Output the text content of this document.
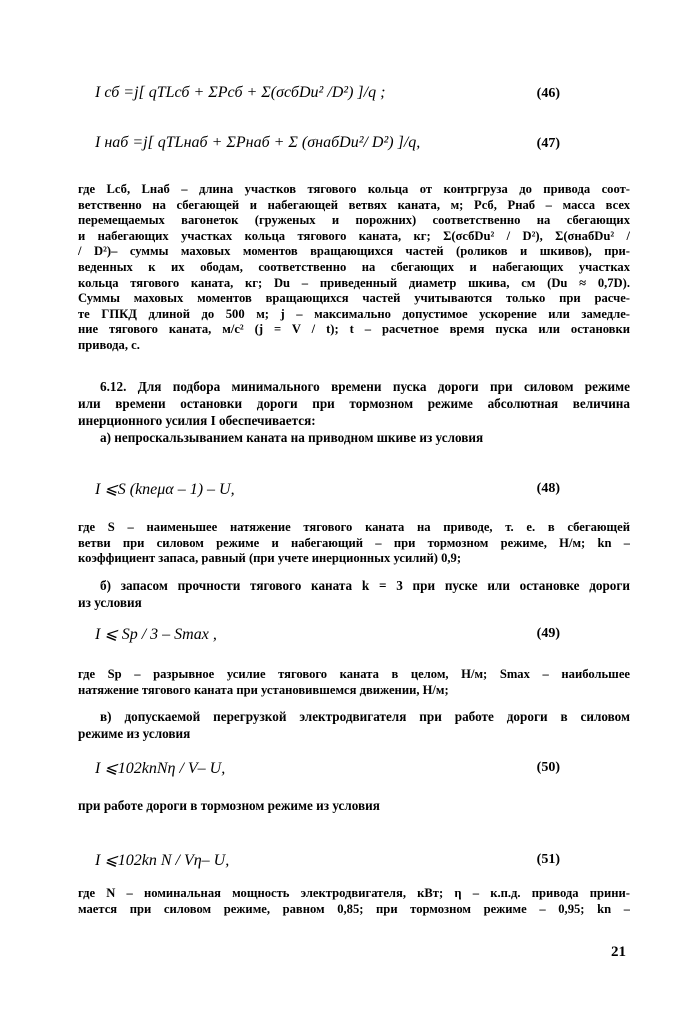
I сб =j[ qТLсб + ΣPсб + Σ(σсбDu² /D²) ]/q ;	(46)
I наб =j[ qТLнаб + ΣPнаб + Σ (σнабDu²/ D²) ]/q,	(47)
где Lсб, Lнаб – длина участков тягового кольца от контргруза до привода соот-
ветственно на сбегающей и набегающей ветвях каната, м; Pсб, Pнаб – масса всех
перемещаемых вагонеток (груженых и порожних) соответственно на сбегающих
и набегающих участках кольца тягового каната, кг; Σ(σсбDu² / D²), Σ(σнабDu² /
/ D²)– суммы маховых моментов вращающихся частей (роликов и шкивов), при-
веденных к их ободам, соответственно на сбегающих и набегающих участках
кольца тягового каната, кг; Du – приведенный диаметр шкива, см (Du ≈ 0,7D).
Суммы маховых моментов вращающихся частей учитываются только при расче-
те ГПКД длиной до 500 м; j – максимально допустимое ускорение или замедле-
ние тягового каната, м/с² (j = V / t); t – расчетное время пуска или остановки
привода, с.
6.12. Для подбора минимального времени пуска дороги при силовом режиме
или времени остановки дороги при тормозном режиме абсолютная величина
инерционного усилия I обеспечивается:
а) непроскальзыванием каната на приводном шкиве из условия
I ⩽S (kneμα – 1) – U,	(48)
где S – наименьшее натяжение тягового каната на приводе, т. е. в сбегающей
ветви при силовом режиме и набегающий – при тормозном режиме, Н/м; kn –
коэффициент запаса, равный (при учете инерционных усилий) 0,9;
б) запасом прочности тягового каната k = 3 при пуске или остановке дороги
из условия
I ⩽ Sp / 3 – Smax ,	(49)
где Sp – разрывное усилие тягового каната в целом, Н/м; Smax – наибольшее
натяжение тягового каната при установившемся движении, Н/м;
в) допускаемой перегрузкой электродвигателя при работе дороги в силовом
режиме из условия
I ⩽102knNη / V– U,	(50)
при работе дороги в тормозном режиме из условия
I ⩽102kn N / Vη– U,	(51)
где N – номинальная мощность электродвигателя, кВт; η – к.п.д. привода прини-
мается при силовом режиме, равном 0,85; при тормозном режиме – 0,95; kn –
21
